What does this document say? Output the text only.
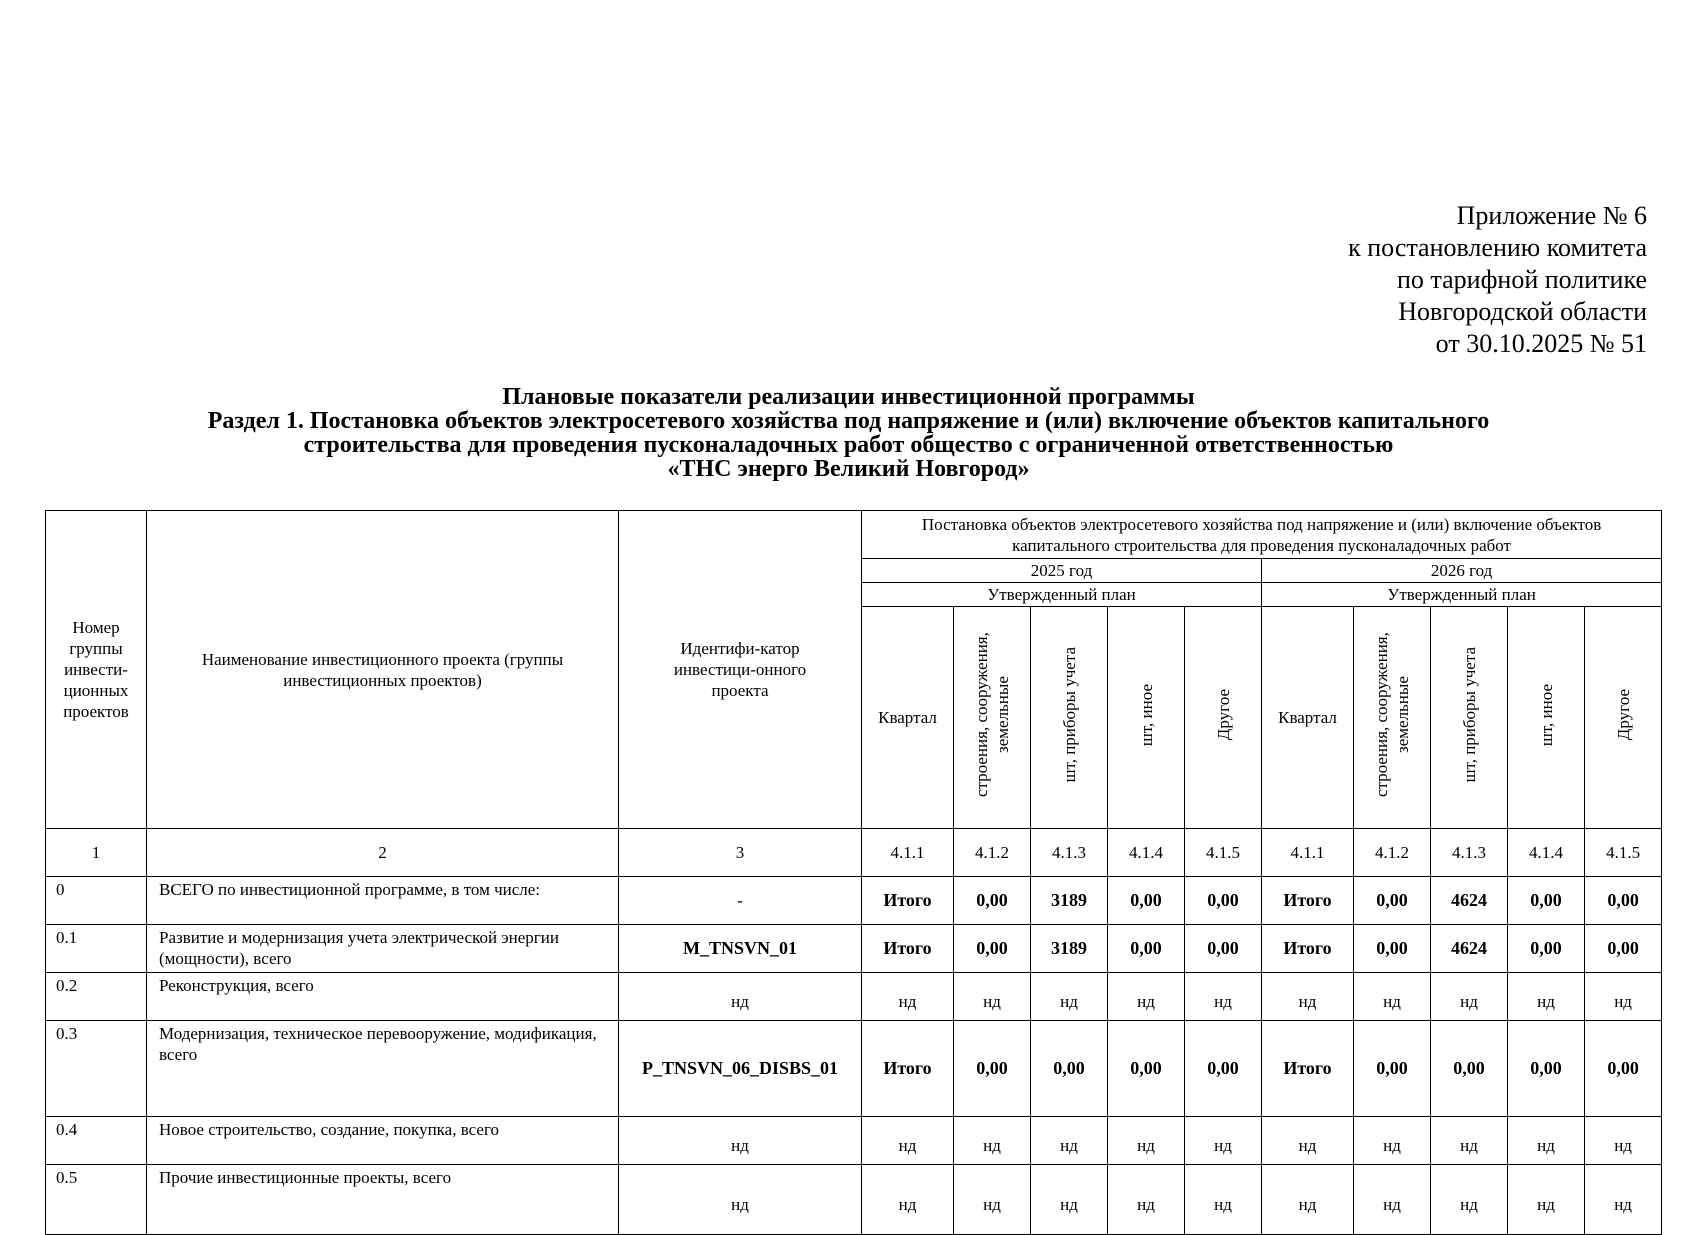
Приложение № 6
к постановлению комитета
по тарифной политике
Новгородской области
от 30.10.2025 № 51
Плановые показатели реализации инвестиционной программы
Раздел 1. Постановка объектов электросетевого хозяйства под напряжение и (или) включение объектов капитального
строительства для проведения пусконаладочных работ общество с ограниченной ответственностью
«ТНС энерго Великий Новгород»
Номер группы инвести-ционных проектов	Наименование инвестиционного проекта (группы инвестиционных проектов)	Идентифи-катор инвестици-онного проекта	Постановка объектов электросетевого хозяйства под напряжение и (или) включение объектов капитального строительства для проведения пусконаладочных работ									
			2025 год					2026 год				
			Утвержденный план					Утвержденный план				
			Квартал	строения, сооружения, земельные	шт, приборы учета	шт, иное	Другое	Квартал	строения, сооружения, земельные	шт, приборы учета	шт, иное	Другое
1	2	3	4.1.1	4.1.2	4.1.3	4.1.4	4.1.5	4.1.1	4.1.2	4.1.3	4.1.4	4.1.5
0	ВСЕГО по инвестиционной программе, в том числе:	-	Итого	0,00	3189	0,00	0,00	Итого	0,00	4624	0,00	0,00
0.1	Развитие и модернизация учета электрической энергии (мощности), всего	M_TNSVN_01	Итого	0,00	3189	0,00	0,00	Итого	0,00	4624	0,00	0,00
0.2	Реконструкция, всего	нд	нд	нд	нд	нд	нд	нд	нд	нд	нд	нд
0.3	Модернизация, техническое перевооружение, модификация, всего	P_TNSVN_06_DISBS_01	Итого	0,00	0,00	0,00	0,00	Итого	0,00	0,00	0,00	0,00
0.4	Новое строительство, создание, покупка, всего	нд	нд	нд	нд	нд	нд	нд	нд	нд	нд	нд
0.5	Прочие инвестиционные проекты, всего	нд	нд	нд	нд	нд	нд	нд	нд	нд	нд	нд
